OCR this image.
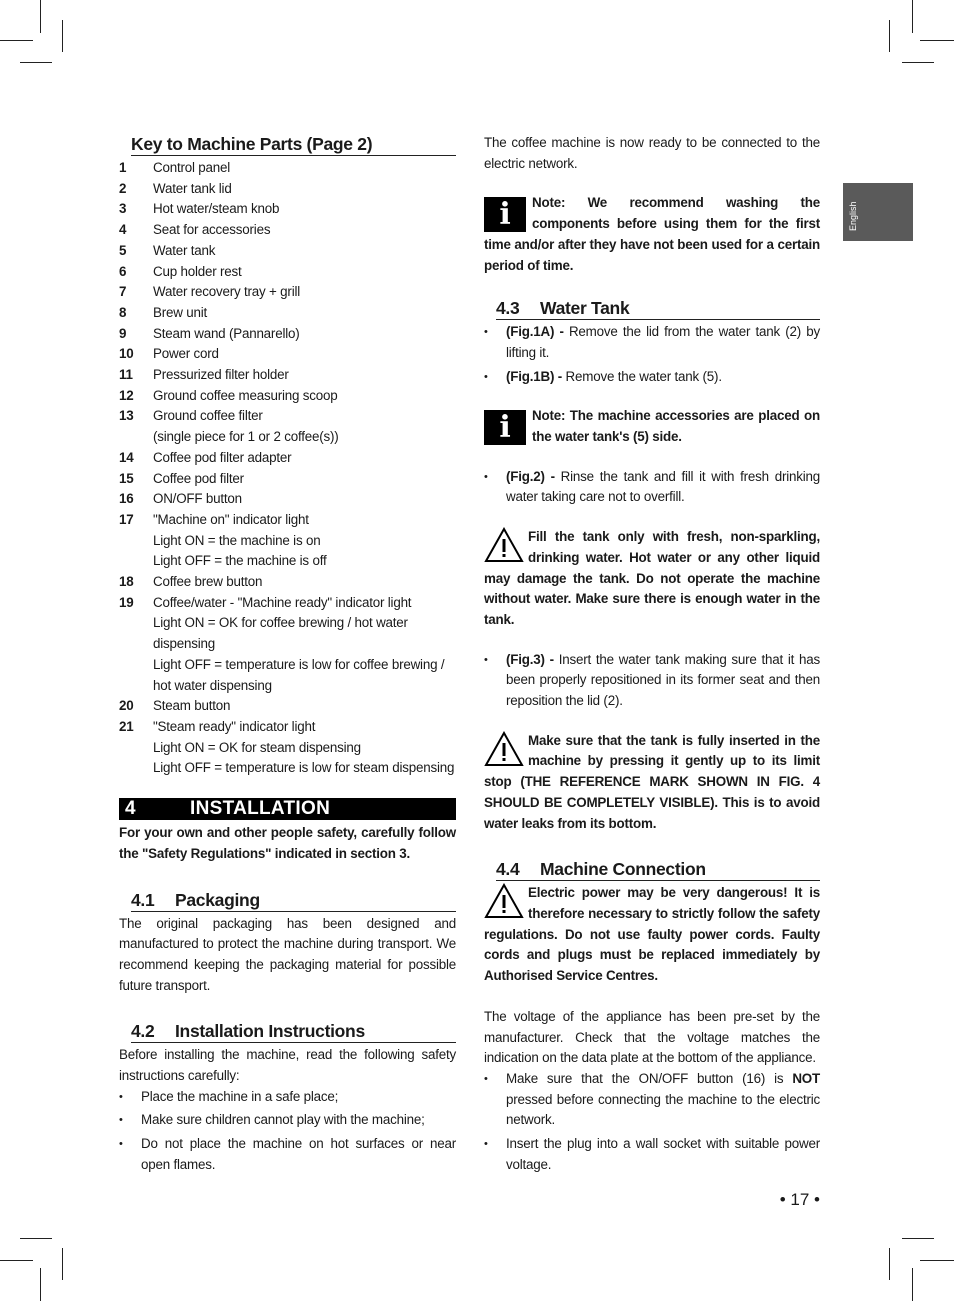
English
Key to Machine Parts (Page 2)
1	Control panel
2	Water tank lid
3	Hot water/steam knob
4	Seat for accessories
5	Water tank
6	Cup holder rest
7	Water recovery tray + grill
8	Brew unit
9	Steam wand (Pannarello)
10	Power cord
11	Pressurized filter holder
12	Ground coffee measuring scoop
13	Ground coffee filter
(single piece for 1 or 2 coffee(s))
14	Coffee pod filter adapter
15	Coffee pod filter
16	ON/OFF button
17	"Machine on" indicator light
Light ON = the machine is on
Light OFF = the machine is off
18	Coffee brew button
19	Coffee/water - "Machine ready" indicator light
Light ON = OK for coffee brewing / hot water dispensing
Light OFF = temperature is low for coffee brewing / hot water dispensing
20	Steam button
21	"Steam ready" indicator light
Light ON = OK for steam dispensing
Light OFF = temperature is low for steam dispensing
4	INSTALLATION
For your own and other people safety, carefully follow the "Safety Regulations" indicated in section 3.
4.1 Packaging
The original packaging has been designed and manufactured to protect the machine during transport. We recommend keeping the packaging material for possible future transport.
4.2 Installation Instructions
Before installing the machine, read the following safety instructions carefully:
• Place the machine in a safe place;
• Make sure children cannot play with the machine;
• Do not place the machine on hot surfaces or near open flames.
The coffee machine is now ready to be connected to the electric network.
i	Note: We recommend washing the components before using them for the first time and/or after they have not been used for a certain period of time.
4.3 Water Tank
• (Fig.1A) - Remove the lid from the water tank (2) by lifting it.
• (Fig.1B) - Remove the water tank (5).
i	Note: The machine accessories are placed on the water tank's (5) side.
• (Fig.2) - Rinse the tank and fill it with fresh drinking water taking care not to overfill.
Fill the tank only with fresh, non-sparkling, drinking water. Hot water or any other liquid may damage the tank. Do not operate the machine without water. Make sure there is enough water in the tank.
• (Fig.3) - Insert the water tank making sure that it has been properly repositioned in its former seat and then reposition the lid (2).
Make sure that the tank is fully inserted in the machine by pressing it gently up to its limit stop (THE REFERENCE MARK SHOWN IN FIG. 4 SHOULD BE COMPLETELY VISIBLE). This is to avoid water leaks from its bottom.
4.4 Machine Connection
Electric power may be very dangerous! It is therefore necessary to strictly follow the safety regulations. Do not use faulty power cords. Faulty cords and plugs must be replaced immediately by Authorised Service Centres.
The voltage of the appliance has been pre-set by the manufacturer. Check that the voltage matches the indication on the data plate at the bottom of the appliance.
• Make sure that the ON/OFF button (16) is NOT pressed before connecting the machine to the electric network.
• Insert the plug into a wall socket with suitable power voltage.
• 17 •
